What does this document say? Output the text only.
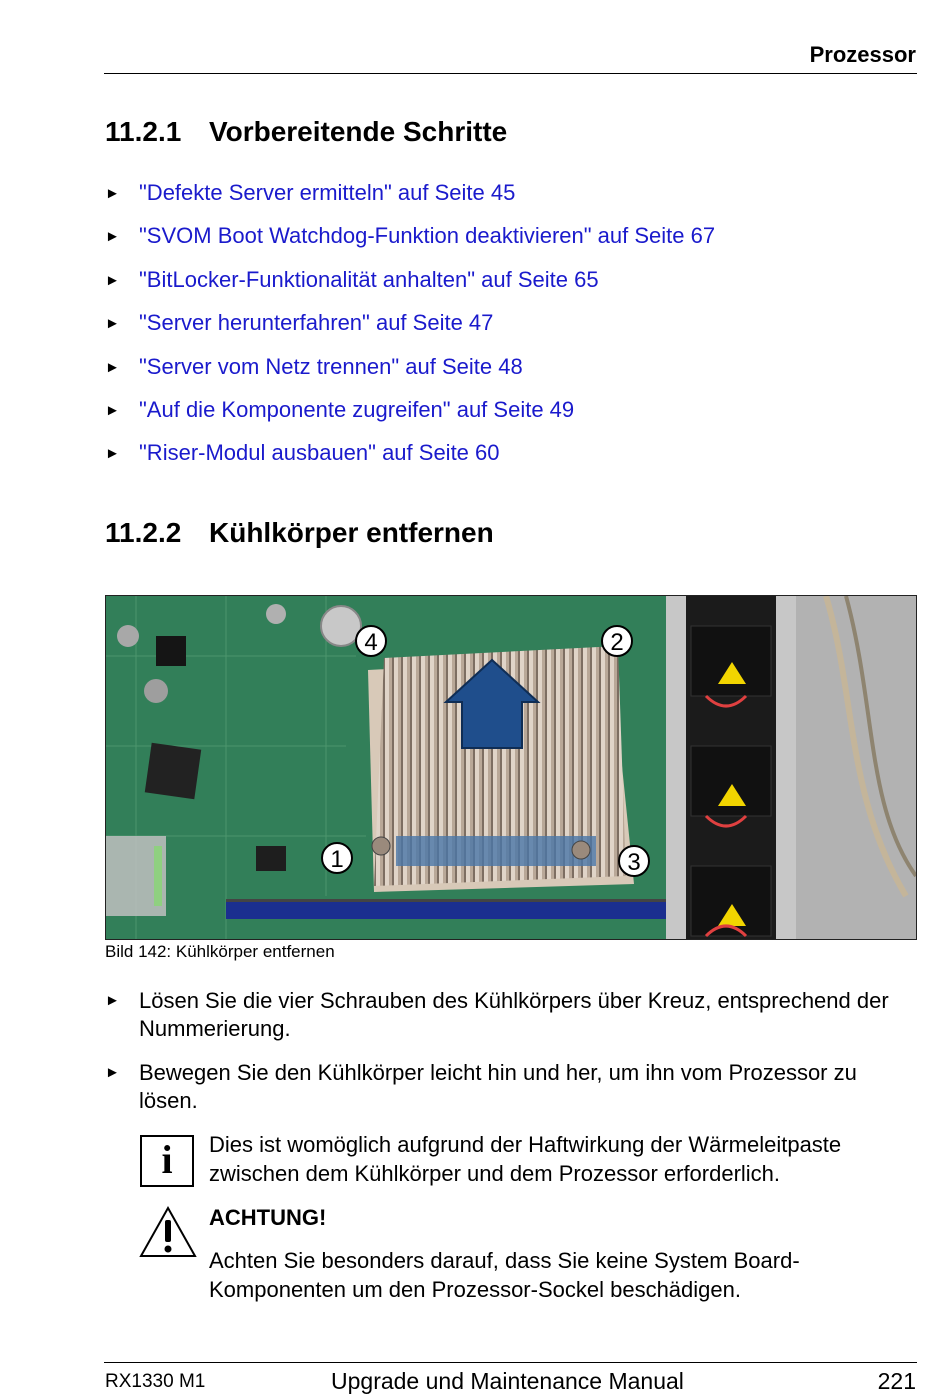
Prozessor
11.2.1 Vorbereitende Schritte
► "Defekte Server ermitteln" auf Seite 45
► "SVOM Boot Watchdog-Funktion deaktivieren" auf Seite 67
► "BitLocker-Funktionalität anhalten" auf Seite 65
► "Server herunterfahren" auf Seite 47
► "Server vom Netz trennen" auf Seite 48
► "Auf die Komponente zugreifen" auf Seite 49
► "Riser-Modul ausbauen" auf Seite 60
11.2.2 Kühlkörper entfernen
4	2
1	3
Bild 142: Kühlkörper entfernen
► Lösen Sie die vier Schrauben des Kühlkörpers über Kreuz, entsprechend der Nummerierung.
► Bewegen Sie den Kühlkörper leicht hin und her, um ihn vom Prozessor zu lösen.
i	Dies ist womöglich aufgrund der Haftwirkung der Wärmeleitpaste zwischen dem Kühlkörper und dem Prozessor erforderlich.
ACHTUNG!
Achten Sie besonders darauf, dass Sie keine System Board-Komponenten um den Prozessor-Sockel beschädigen.
RX1330 M1	Upgrade und Maintenance Manual	221
